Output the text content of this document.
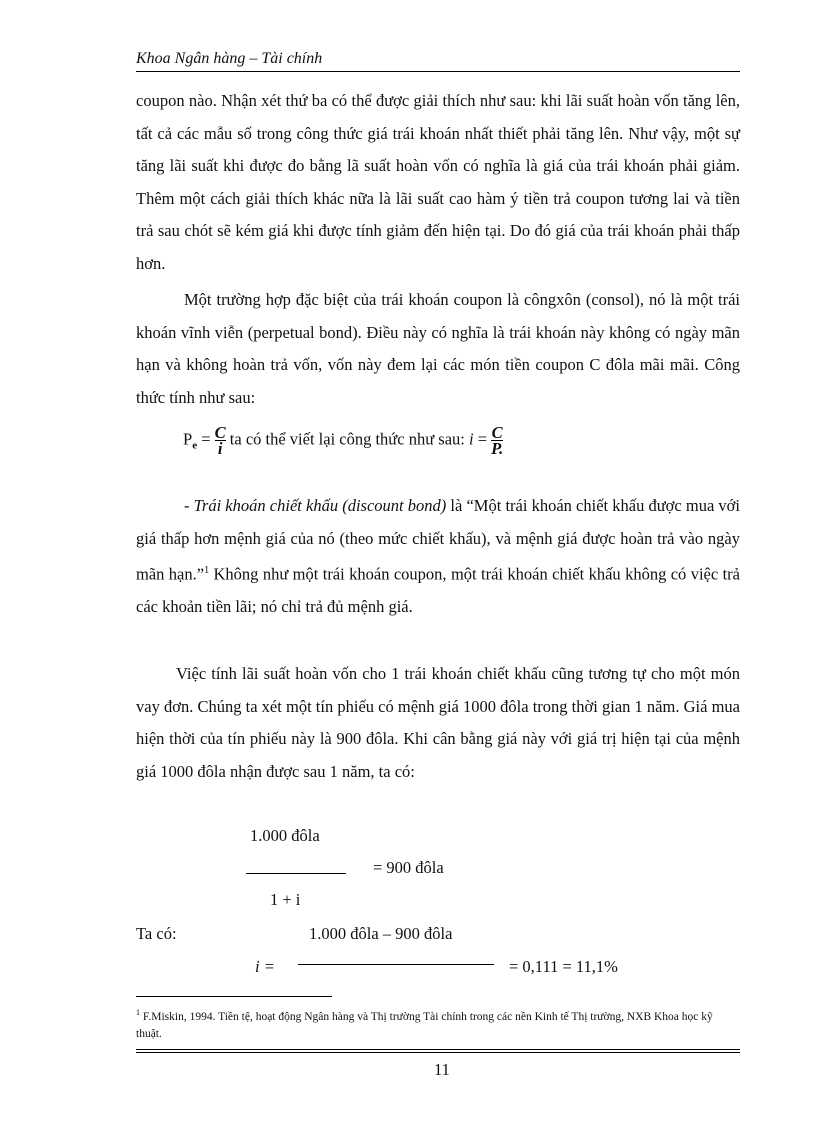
Khoa Ngân hàng – Tài chính

coupon nào. Nhận xét thứ ba có thể được giải thích như sau: khi lãi suất hoàn vốn tăng lên, tất cả các mẫu số trong công thức giá trái khoán nhất thiết phải tăng lên. Như vậy, một sự tăng lãi suất khi được đo bằng lã suất hoàn vốn có nghĩa là giá của trái khoán phải giảm. Thêm một cách giải thích khác nữa là lãi suất cao hàm ý tiền trả coupon tương lai và tiền trả sau chót sẽ kém giá khi được tính giảm đến hiện tại. Do đó giá của trái khoán phải thấp hơn.

Một trường hợp đặc biệt của trái khoán coupon là côngxôn (consol), nó là một trái khoán vĩnh viễn (perpetual bond). Điều này có nghĩa là trái khoán này không có ngày mãn hạn và không hoàn trả vốn, vốn này đem lại các món tiền coupon C đôla mãi mãi. Công thức tính như sau:

$P_e = \frac{C}{i}$ ta có thể viết lại công thức như sau: $i = \frac{C}{P.}$

- Trái khoán chiết khấu (discount bond) là “Một trái khoán chiết khấu được mua với giá thấp hơn mệnh giá của nó (theo mức chiết khấu), và mệnh giá được hoàn trả vào ngày mãn hạn.”$^1$ Không như một trái khoán coupon, một trái khoán chiết khấu không có việc trả các khoản tiền lãi; nó chỉ trả đủ mệnh giá.

Việc tính lãi suất hoàn vốn cho 1 trái khoán chiết khấu cũng tương tự cho một món vay đơn. Chúng ta xét một tín phiếu có mệnh giá 1000 đôla trong thời gian 1 năm. Giá mua hiện thời của tín phiếu này là 900 đôla. Khi cân bằng giá này với giá trị hiện tại của mệnh giá 1000 đôla nhận được sau 1 năm, ta có:

1.000 đôla
= 900 đôla
1 + i
Ta có:	1.000 đôla – 900 đôla
i =	= 0,111 = 11,1%

$^1$ F.Miskin, 1994. Tiền tệ, hoạt động Ngân hàng và Thị trường Tài chính trong các nền Kinh tế Thị trường, NXB Khoa học kỹ thuật.

11
